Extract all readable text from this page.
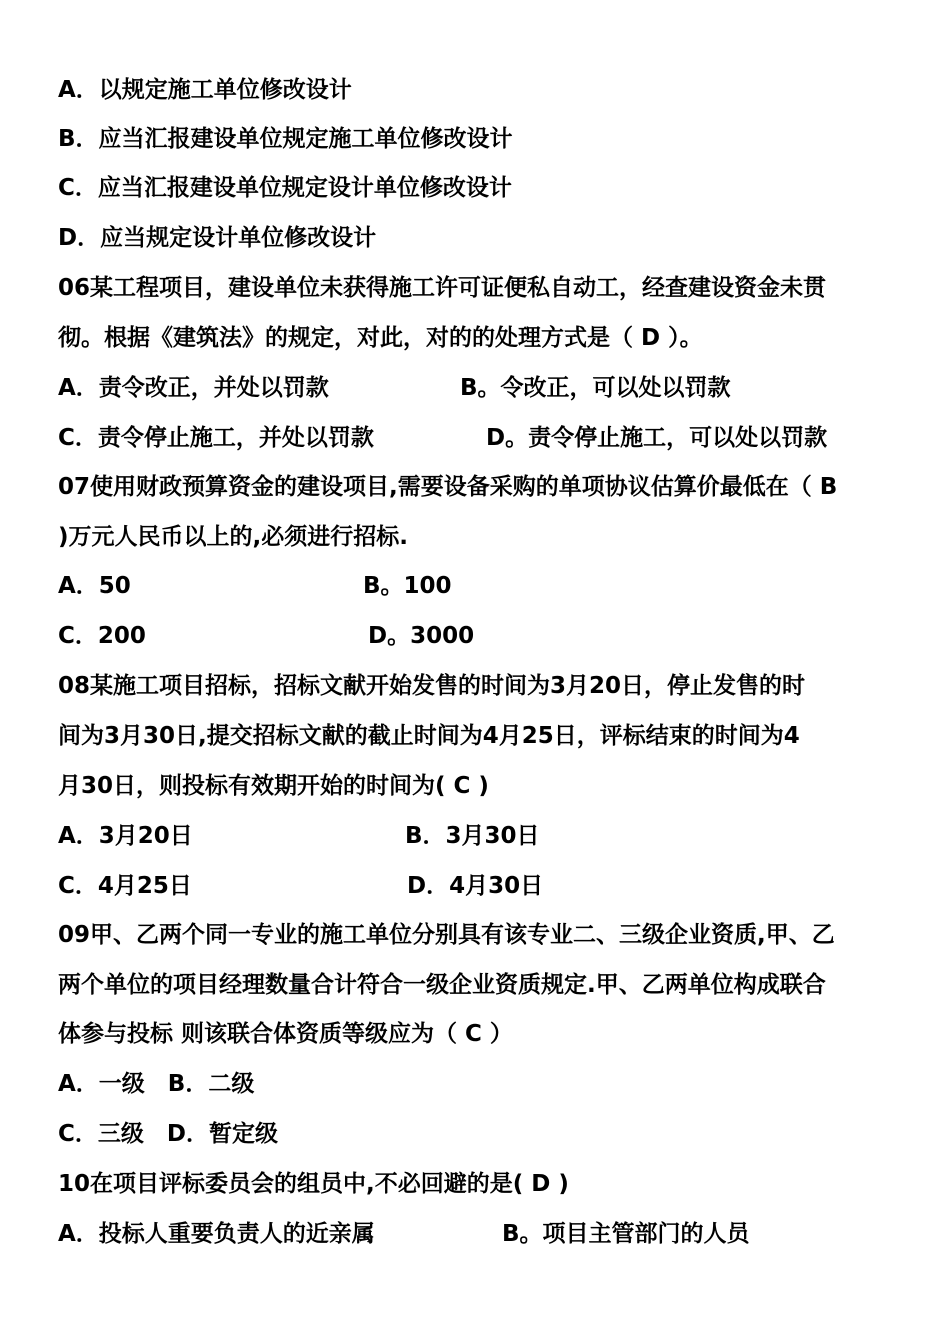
A．以规定施工单位修改设计
B．应当汇报建设单位规定施工单位修改设计
C．应当汇报建设单位规定设计单位修改设计
D．应当规定设计单位修改设计
06某工程项目，建设单位未获得施工许可证便私自动工，经查建设资金未贯
彻。根据《建筑法》的规定，对此，对的的处理方式是（ D ）。
A．责令改正，并处以罚款	B。令改正，可以处以罚款
C．责令停止施工，并处以罚款	D。责令停止施工，可以处以罚款
07使用财政预算资金的建设项目,需要设备采购的单项协议估算价最低在（ B
)万元人民币以上的,必须进行招标.
A．50	B。100
C．200	D。3000
08某施工项目招标，招标文献开始发售的时间为3月20日，停止发售的时
间为3月30日,提交招标文献的截止时间为4月25日，评标结束的时间为4
月30日，则投标有效期开始的时间为( C )
A．3月20日	B．3月30日
C．4月25日	D．4月30日
09甲、乙两个同一专业的施工单位分别具有该专业二、三级企业资质,甲、乙
两个单位的项目经理数量合计符合一级企业资质规定.甲、乙两单位构成联合
体参与投标 则该联合体资质等级应为（ C ）
A．一级　B．二级
C．三级　D．暂定级
10在项目评标委员会的组员中,不必回避的是( D )
A．投标人重要负责人的近亲属	B。项目主管部门的人员
